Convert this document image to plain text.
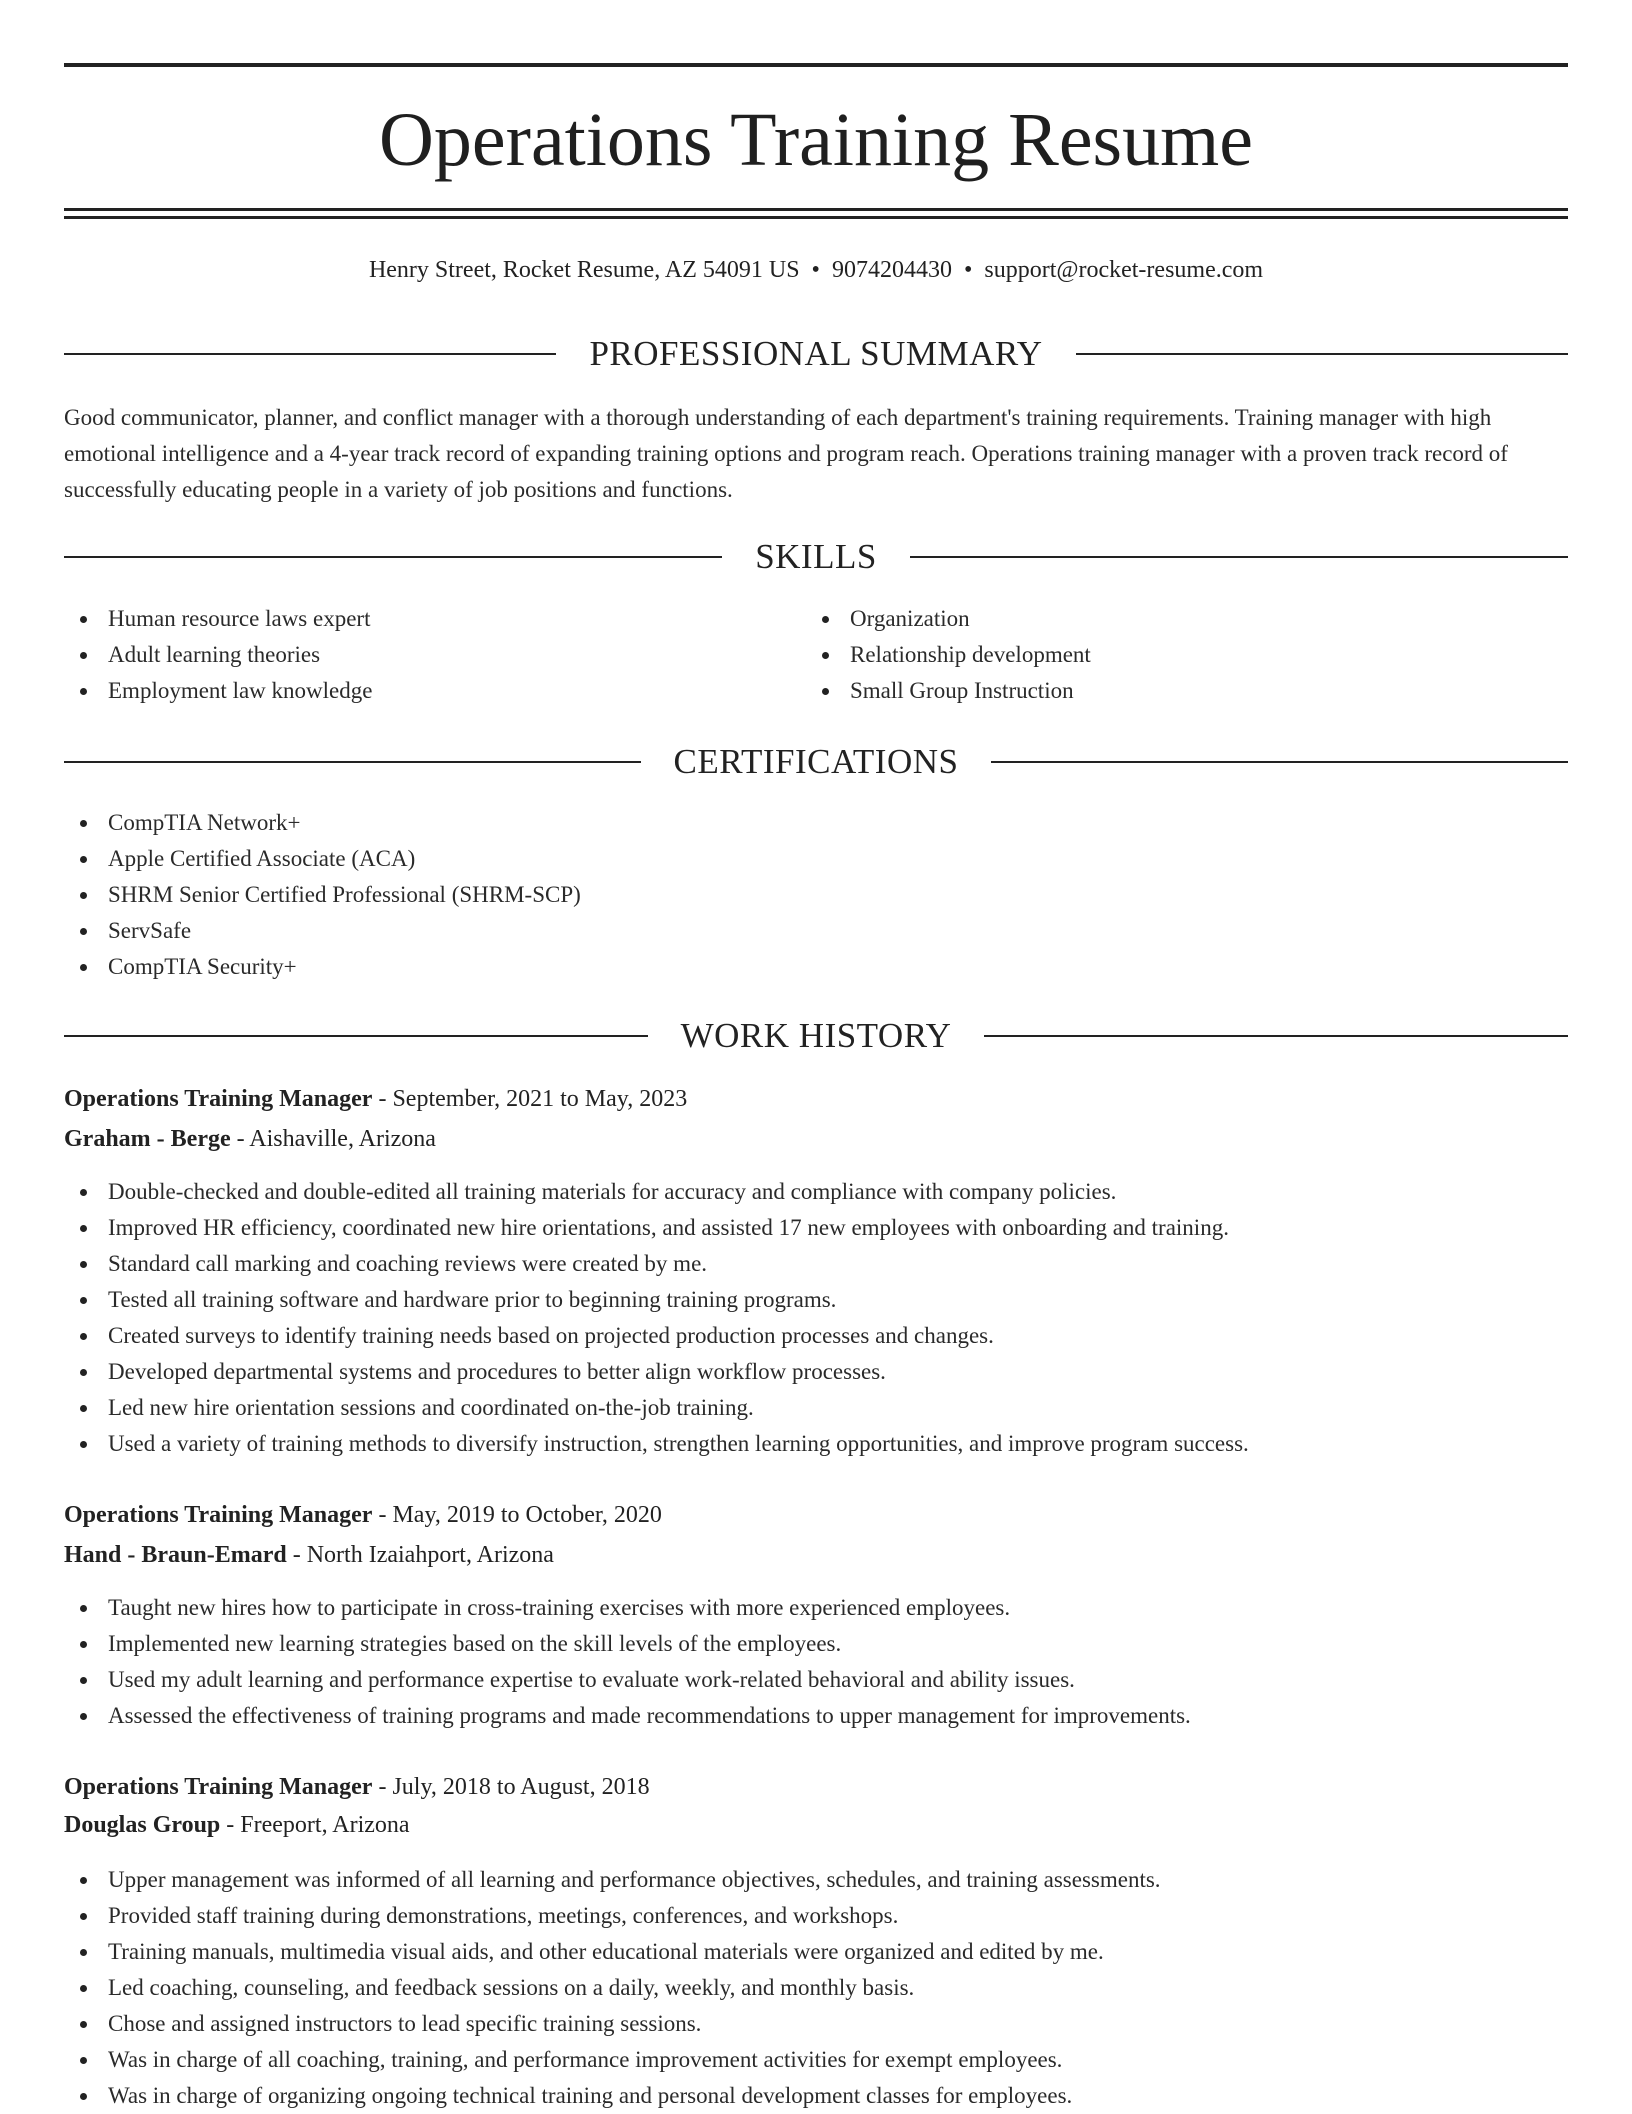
Operations Training Resume
Henry Street, Rocket Resume, AZ 54091 US • 9074204430 • support@rocket-resume.com
PROFESSIONAL SUMMARY

Good communicator, planner, and conflict manager with a thorough understanding of each department's training requirements. Training manager with high emotional intelligence and a 4-year track record of expanding training options and program reach. Operations training manager with a proven track record of successfully educating people in a variety of job positions and functions.

SKILLS
Human resource laws expert
Adult learning theories
Employment law knowledge
Organization
Relationship development
Small Group Instruction
CERTIFICATIONS
CompTIA Network+
Apple Certified Associate (ACA)
SHRM Senior Certified Professional (SHRM-SCP)
ServSafe
CompTIA Security+
WORK HISTORY
Operations Training Manager - September, 2021 to May, 2023
Graham - Berge - Aishaville, Arizona
Double-checked and double-edited all training materials for accuracy and compliance with company policies.
Improved HR efficiency, coordinated new hire orientations, and assisted 17 new employees with onboarding and training.
Standard call marking and coaching reviews were created by me.
Tested all training software and hardware prior to beginning training programs.
Created surveys to identify training needs based on projected production processes and changes.
Developed departmental systems and procedures to better align workflow processes.
Led new hire orientation sessions and coordinated on-the-job training.
Used a variety of training methods to diversify instruction, strengthen learning opportunities, and improve program success.
Operations Training Manager - May, 2019 to October, 2020
Hand - Braun-Emard - North Izaiahport, Arizona
Taught new hires how to participate in cross-training exercises with more experienced employees.
Implemented new learning strategies based on the skill levels of the employees.
Used my adult learning and performance expertise to evaluate work-related behavioral and ability issues.
Assessed the effectiveness of training programs and made recommendations to upper management for improvements.
Operations Training Manager - July, 2018 to August, 2018
Douglas Group - Freeport, Arizona
Upper management was informed of all learning and performance objectives, schedules, and training assessments.
Provided staff training during demonstrations, meetings, conferences, and workshops.
Training manuals, multimedia visual aids, and other educational materials were organized and edited by me.
Led coaching, counseling, and feedback sessions on a daily, weekly, and monthly basis.
Chose and assigned instructors to lead specific training sessions.
Was in charge of all coaching, training, and performance improvement activities for exempt employees.
Was in charge of organizing ongoing technical training and personal development classes for employees.
